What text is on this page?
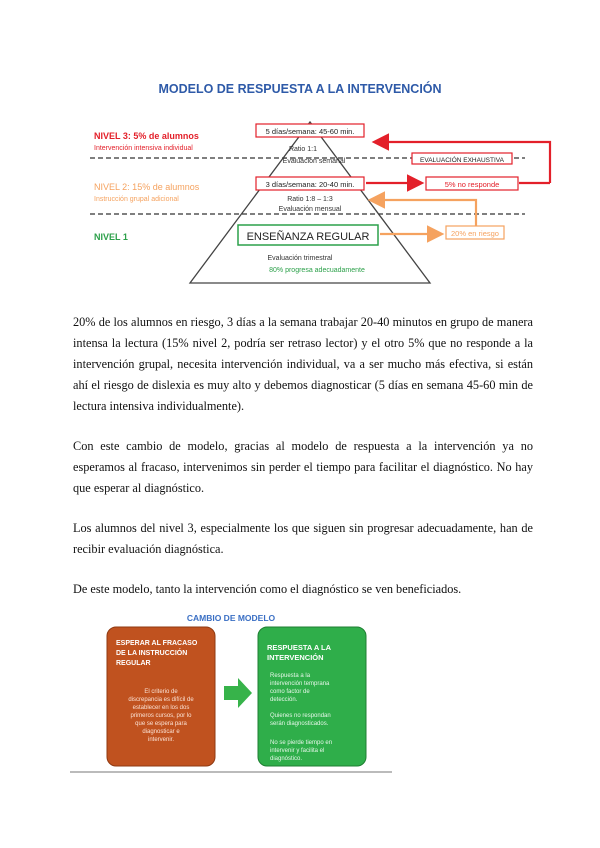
MODELO DE RESPUESTA A LA INTERVENCIÓN
NIVEL 3: 5% de alumnos
Intervención intensiva individual
NIVEL 2: 15% de alumnos
Instrucción grupal adicional
NIVEL 1
5 días/semana: 45-60 min.
Ratio 1:1
Evaluación semanal
3 días/semana: 20-40 min.
Ratio 1:8 – 1:3
Evaluación mensual
ENSEÑANZA REGULAR
Evaluación trimestral
80% progresa adecuadamente
EVALUACIÓN EXHAUSTIVA
5% no responde
20% en riesgo

20% de los alumnos en riesgo, 3 días a la semana trabajar 20-40 minutos en grupo de manera intensa la lectura (15% nivel 2, podría ser retraso lector) y el otro 5% que no responde a la intervención grupal, necesita intervención individual, va a ser mucho más efectiva, si están ahí el riesgo de dislexia es muy alto y debemos diagnosticar (5 días en semana 45-60 min de lectura intensiva individualmente).

Con este cambio de modelo, gracias al modelo de respuesta a la intervención ya no esperamos al fracaso, intervenimos sin perder el tiempo para facilitar el diagnóstico. No hay que esperar al diagnóstico.

Los alumnos del nivel 3, especialmente los que siguen sin progresar adecuadamente, han de recibir evaluación diagnóstica.

De este modelo, tanto la intervención como el diagnóstico se ven beneficiados.

CAMBIO DE MODELO
ESPERAR AL FRACASO
DE LA INSTRUCCIÓN
REGULAR
El criterio de
discrepancia es difícil de
establecer en los dos
primeros cursos, por lo
que se espera para
diagnosticar e
intervenir.
RESPUESTA A LA
INTERVENCIÓN
Respuesta a la
intervención temprana
como factor de
detección.
Quienes no respondan
serán diagnosticados.
No se pierde tiempo en
intervenir y facilita el
diagnóstico.
